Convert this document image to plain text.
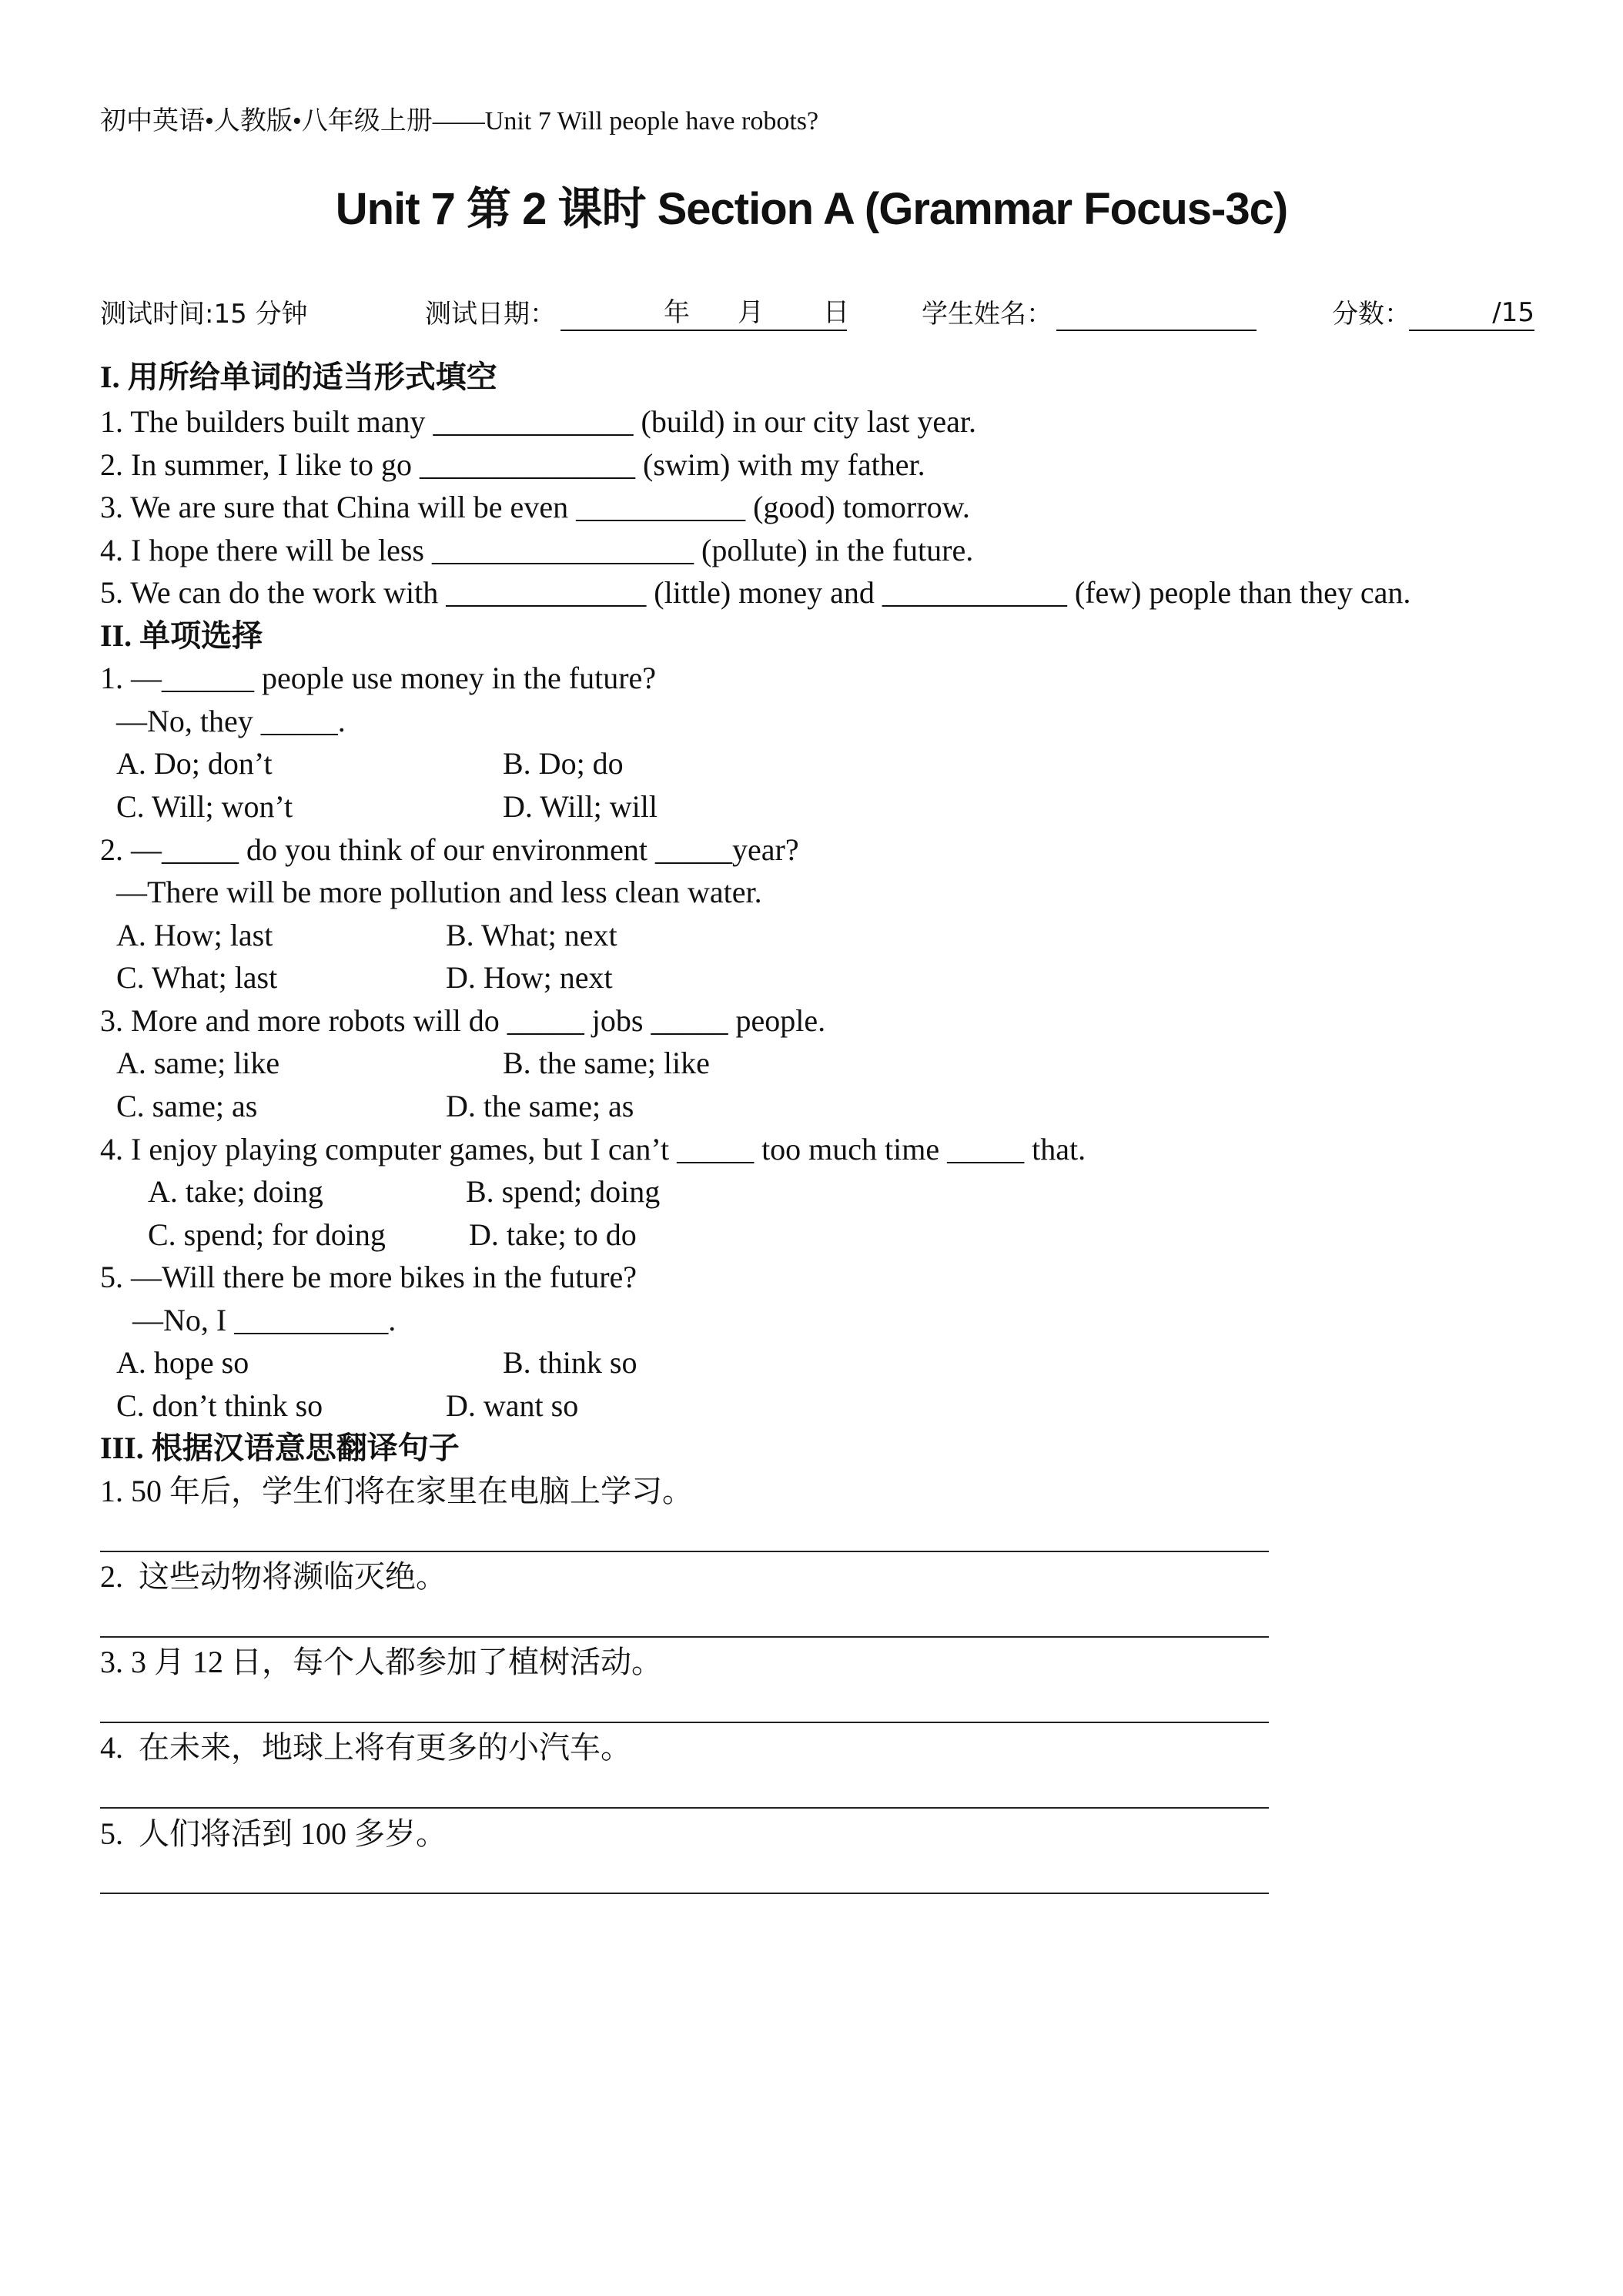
初中英语•人教版•八年级上册——Unit 7 Will people have robots?
Unit 7 第 2 课时 Section A (Grammar Focus-3c)
测试时间:15 分钟	测试日期：	年 月 日	学生姓名：	分数：	/15
I. 用所给单词的适当形式填空
1. The builders built many _____________ (build) in our city last year.
2. In summer, I like to go ______________ (swim) with my father.
3. We are sure that China will be even ___________ (good) tomorrow.
4. I hope there will be less _________________ (pollute) in the future.
5. We can do the work with _____________ (little) money and ____________ (few) people than they can.
II. 单项选择
1. —______ people use money in the future?
—No, they _____.
A. Do; don’t	B. Do; do
C. Will; won’t	D. Will; will
2. —_____ do you think of our environment _____year?
—There will be more pollution and less clean water.
A. How; last	B. What; next
C. What; last	D. How; next
3. More and more robots will do _____ jobs _____ people.
A. same; like	B. the same; like
C. same; as	D. the same; as
4. I enjoy playing computer games, but I can’t _____ too much time _____ that.
A. take; doing	B. spend; doing
C. spend; for doing	D. take; to do
5. —Will there be more bikes in the future?
—No, I __________.
A. hope so	B. think so
C. don’t think so	D. want so
III. 根据汉语意思翻译句子
1. 50 年后，学生们将在家里在电脑上学习。
2.  这些动物将濒临灭绝。
3. 3 月 12 日，每个人都参加了植树活动。
4.  在未来，地球上将有更多的小汽车。
5.  人们将活到 100 多岁。
